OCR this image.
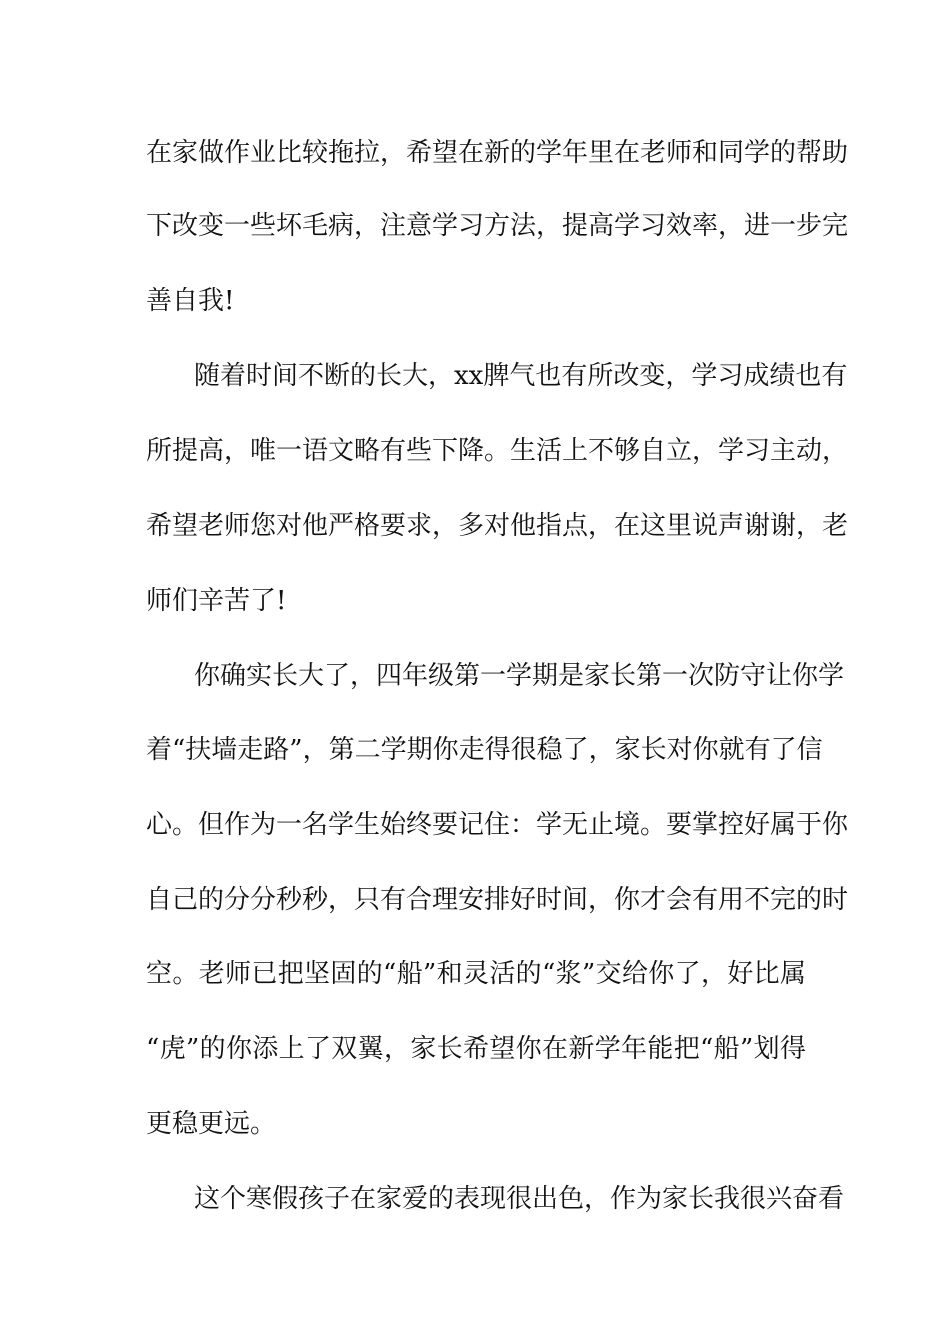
在家做作业比较拖拉，希望在新的学年里在老师和同学的帮助
下改变一些坏毛病，注意学习方法，提高学习效率，进一步完
善自我!
随着时间不断的长大，xx脾气也有所改变，学习成绩也有
所提高，唯一语文略有些下降。生活上不够自立，学习主动，
希望老师您对他严格要求，多对他指点，在这里说声谢谢，老
师们辛苦了!
你确实长大了，四年级第一学期是家长第一次防守让你学
着“扶墙走路”，第二学期你走得很稳了，家长对你就有了信
心。但作为一名学生始终要记住：学无止境。要掌控好属于你
自己的分分秒秒，只有合理安排好时间，你才会有用不完的时
空。老师已把坚固的“船”和灵活的“浆”交给你了，好比属
“虎”的你添上了双翼，家长希望你在新学年能把“船”划得
更稳更远。
这个寒假孩子在家爱的表现很出色，作为家长我很兴奋看
